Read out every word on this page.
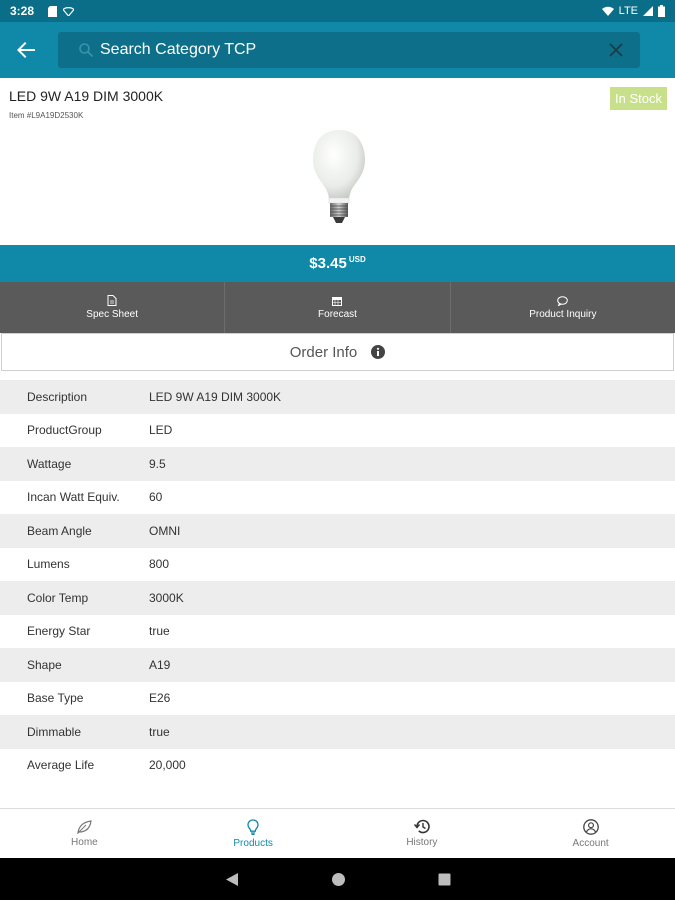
3:28	LTE
Search Category TCP
LED 9W A19 DIM 3000K
Item #L9A19D2530K
In Stock
$3.45 USD
Spec Sheet	Forecast	Product Inquiry
Order Info
Description	LED 9W A19 DIM 3000K
ProductGroup	LED
Wattage	9.5
Incan Watt Equiv.	60
Beam Angle	OMNI
Lumens	800
Color Temp	3000K
Energy Star	true
Shape	A19
Base Type	E26
Dimmable	true
Average Life	20,000
Home	Products	History	Account
